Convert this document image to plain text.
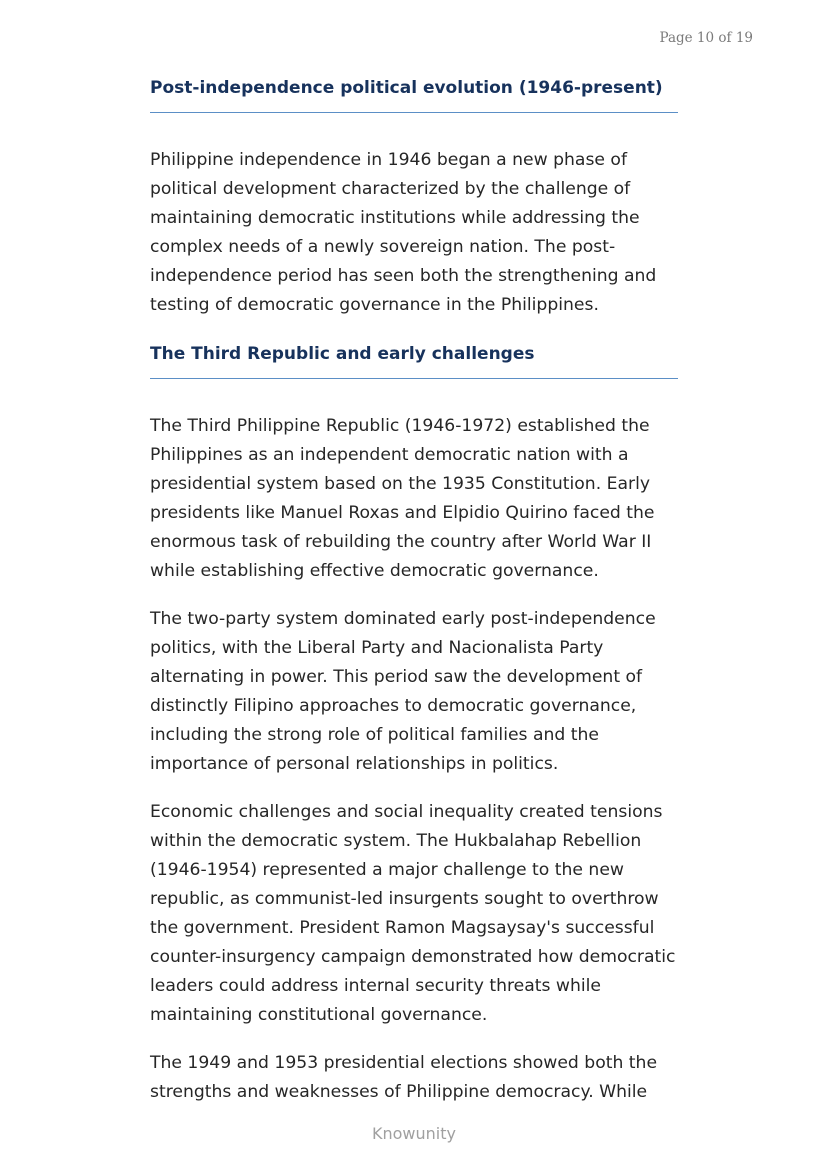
Page 10 of 19
Post-independence political evolution (1946-present)

Philippine independence in 1946 began a new phase of
political development characterized by the challenge of
maintaining democratic institutions while addressing the
complex needs of a newly sovereign nation. The post-
independence period has seen both the strengthening and
testing of democratic governance in the Philippines.

The Third Republic and early challenges

The Third Philippine Republic (1946-1972) established the
Philippines as an independent democratic nation with a
presidential system based on the 1935 Constitution. Early
presidents like Manuel Roxas and Elpidio Quirino faced the
enormous task of rebuilding the country after World War II
while establishing effective democratic governance.

The two-party system dominated early post-independence
politics, with the Liberal Party and Nacionalista Party
alternating in power. This period saw the development of
distinctly Filipino approaches to democratic governance,
including the strong role of political families and the
importance of personal relationships in politics.

Economic challenges and social inequality created tensions
within the democratic system. The Hukbalahap Rebellion
(1946-1954) represented a major challenge to the new
republic, as communist-led insurgents sought to overthrow
the government. President Ramon Magsaysay's successful
counter-insurgency campaign demonstrated how democratic
leaders could address internal security threats while
maintaining constitutional governance.

The 1949 and 1953 presidential elections showed both the
strengths and weaknesses of Philippine democracy. While

Knowunity
